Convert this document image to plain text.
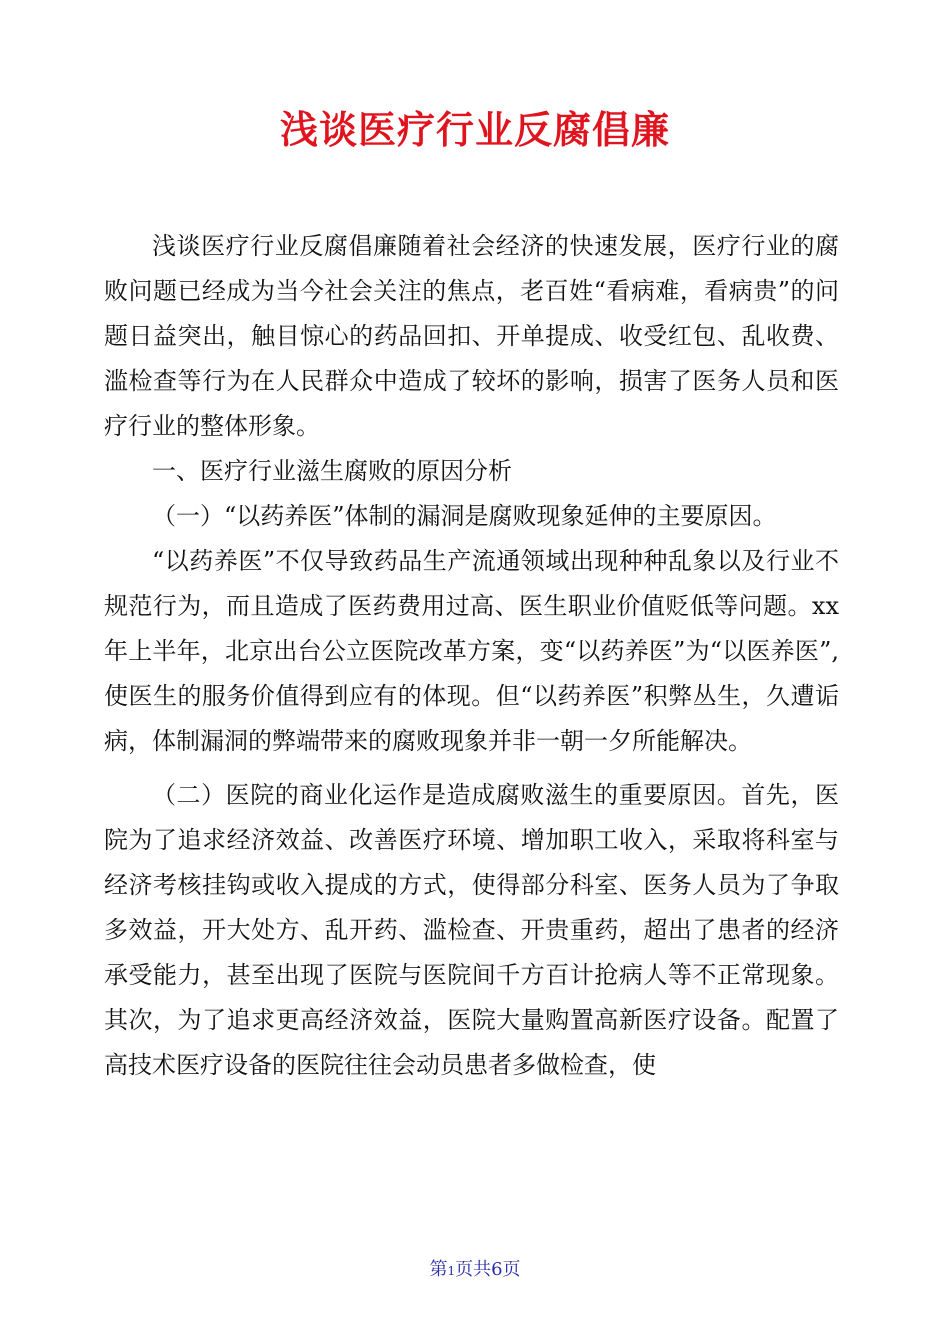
浅谈医疗行业反腐倡廉

浅谈医疗行业反腐倡廉随着社会经济的快速发展，医疗行业的腐败问题已经成为当今社会关注的焦点，老百姓“看病难，看病贵”的问题日益突出，触目惊心的药品回扣、开单提成、收受红包、乱收费、滥检查等行为在人民群众中造成了较坏的影响，损害了医务人员和医疗行业的整体形象。

一、医疗行业滋生腐败的原因分析

（一）“以药养医”体制的漏洞是腐败现象延伸的主要原因。

“以药养医”不仅导致药品生产流通领域出现种种乱象以及行业不规范行为，而且造成了医药费用过高、医生职业价值贬低等问题。xx年上半年，北京出台公立医院改革方案，变“以药养医”为“以医养医”,使医生的服务价值得到应有的体现。但“以药养医”积弊丛生，久遭诟病，体制漏洞的弊端带来的腐败现象并非一朝一夕所能解决。

（二）医院的商业化运作是造成腐败滋生的重要原因。首先，医院为了追求经济效益、改善医疗环境、增加职工收入，采取将科室与经济考核挂钩或收入提成的方式，使得部分科室、医务人员为了争取多效益，开大处方、乱开药、滥检查、开贵重药，超出了患者的经济承受能力，甚至出现了医院与医院间千方百计抢病人等不正常现象。其次，为了追求更高经济效益，医院大量购置高新医疗设备。配置了高技术医疗设备的医院往往会动员患者多做检查，使

第1页共6页
